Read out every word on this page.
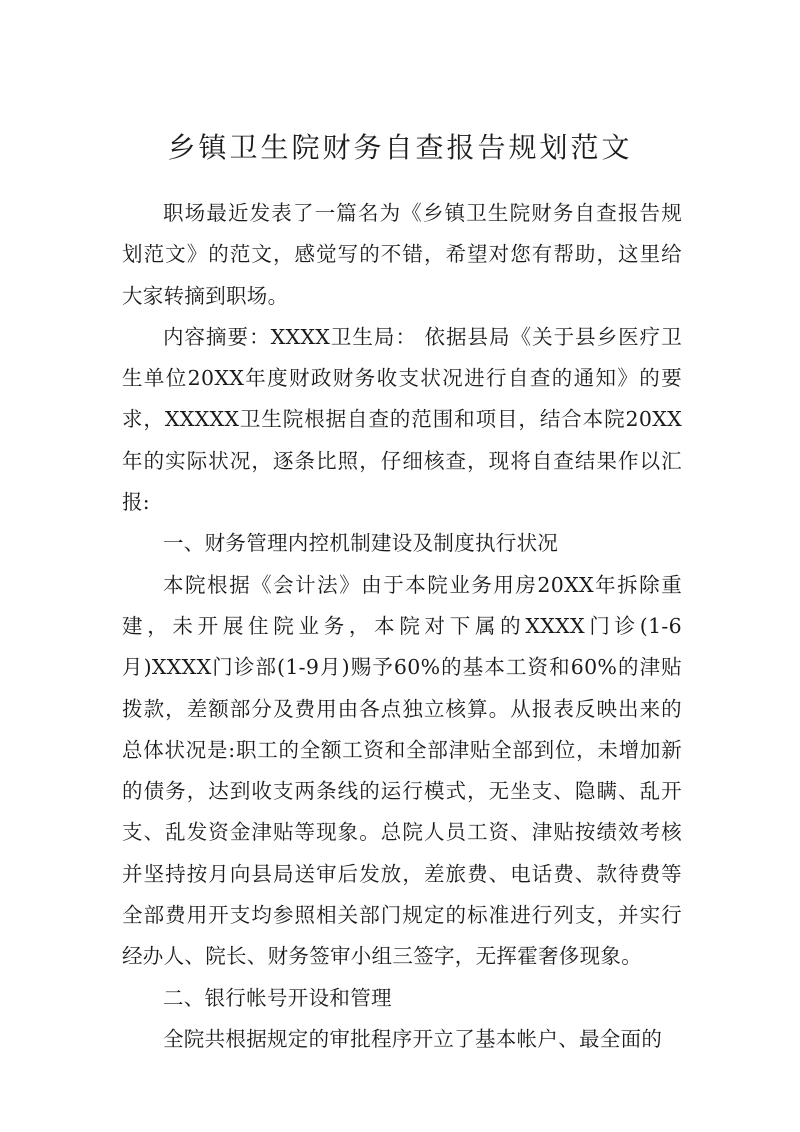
乡镇卫生院财务自查报告规划范文

职场最近发表了一篇名为《乡镇卫生院财务自查报告规划范文》的范文，感觉写的不错，希望对您有帮助，这里给大家转摘到职场。

内容摘要：XXXX卫生局： 依据县局《关于县乡医疗卫生单位20XX年度财政财务收支状况进行自查的通知》的要求，XXXXX卫生院根据自查的范围和项目，结合本院20XX年的实际状况，逐条比照，仔细核查，现将自查结果作以汇报:

一、财务管理内控机制建设及制度执行状况

本院根据《会计法》由于本院业务用房20XX年拆除重建，未开展住院业务，本院对下属的XXXX门诊(1-6月)XXXX门诊部(1-9月)赐予60%的基本工资和60%的津贴拨款，差额部分及费用由各点独立核算。从报表反映出来的总体状况是:职工的全额工资和全部津贴全部到位，未增加新的债务，达到收支两条线的运行模式，无坐支、隐瞒、乱开支、乱发资金津贴等现象。总院人员工资、津贴按绩效考核并坚持按月向县局送审后发放，差旅费、电话费、款待费等全部费用开支均参照相关部门规定的标准进行列支，并实行经办人、院长、财务签审小组三签字，无挥霍奢侈现象。

二、银行帐号开设和管理

全院共根据规定的审批程序开立了基本帐户、最全面的
